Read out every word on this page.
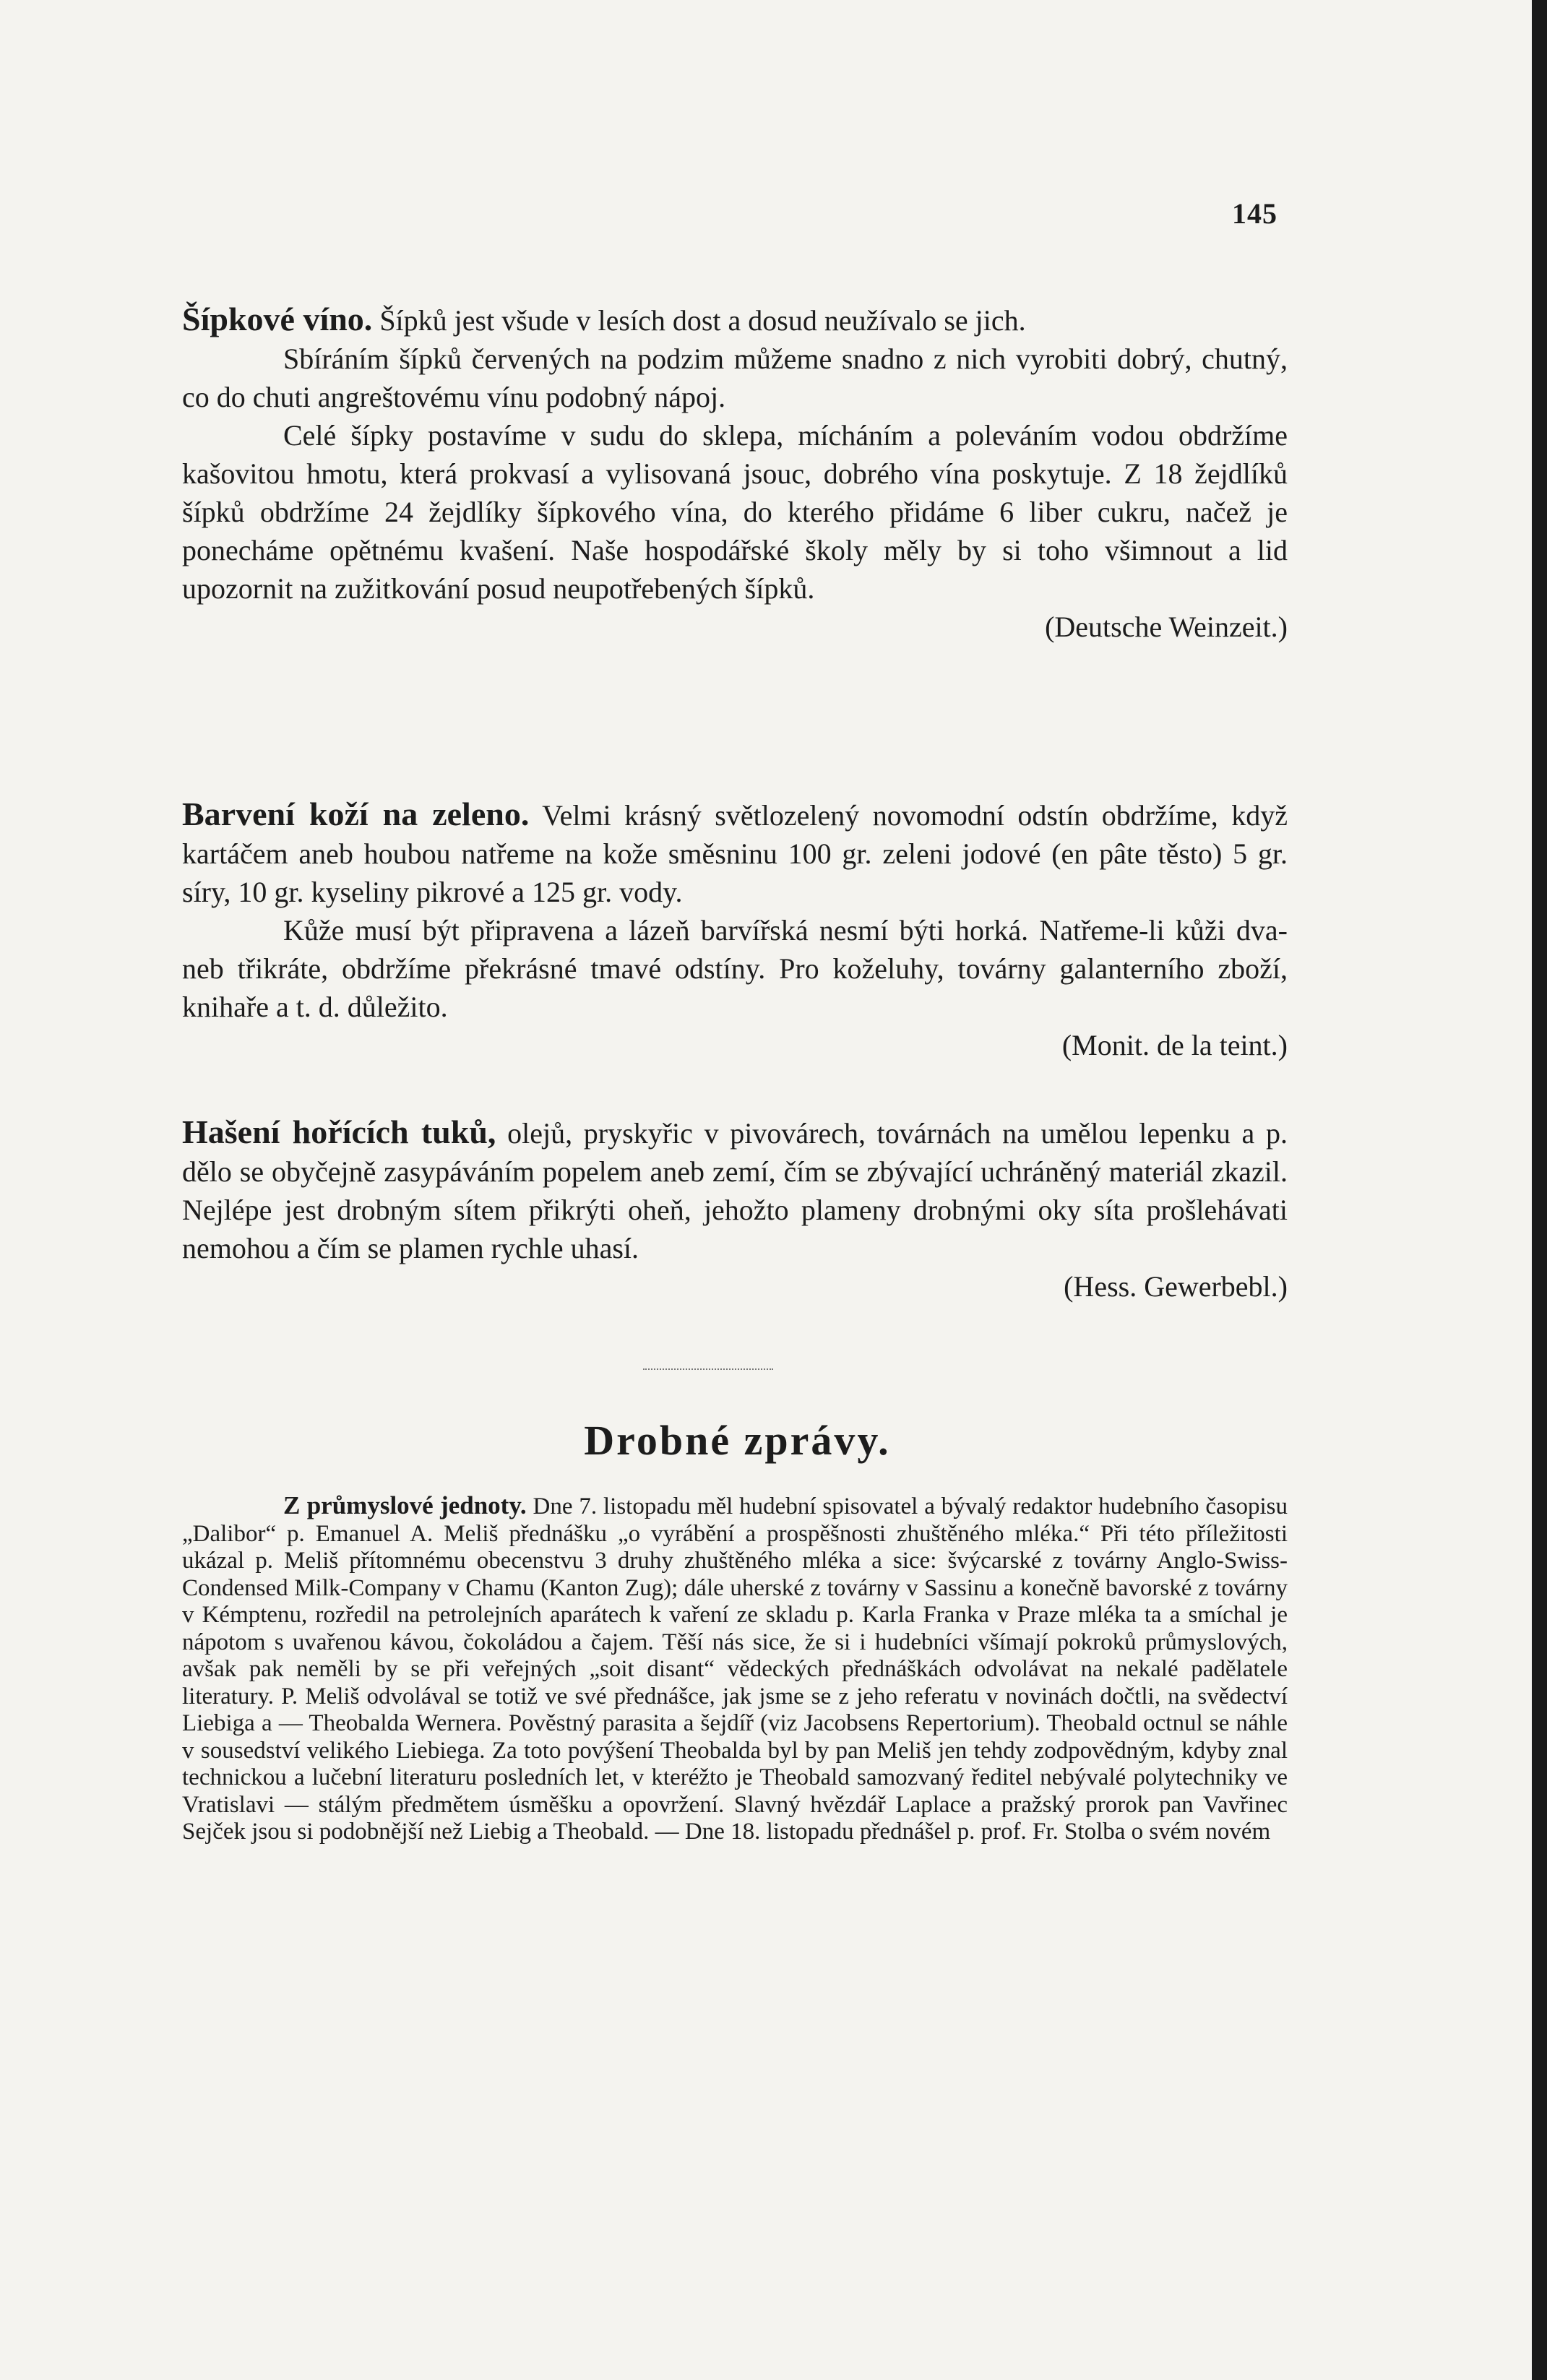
145

Šípkové víno. Šípků jest všude v lesích dost a dosud neužívalo se jich.

Sbíráním šípků červených na podzim můžeme snadno z nich vyrobiti dobrý, chutný, co do chuti angreštovému vínu podobný nápoj.

Celé šípky postavíme v sudu do sklepa, mícháním a poleváním vodou obdržíme kašovitou hmotu, která prokvasí a vylisovaná jsouc, dobrého vína poskytuje. Z 18 žejdlíků šípků obdržíme 24 žejdlíky šípkového vína, do kterého přidáme 6 liber cukru, načež je ponecháme opětnému kvašení. Naše hospodářské školy měly by si toho všimnout a lid upozornit na zužitkování posud neupotřebených šípků.

(Deutsche Weinzeit.)

Barvení koží na zeleno. Velmi krásný světlozelený novomodní odstín obdržíme, když kartáčem aneb houbou natřeme na kože směsninu 100 gr. zeleni jodové (en pâte těsto) 5 gr. síry, 10 gr. kyseliny pikrové a 125 gr. vody.

Kůže musí být připravena a lázeň barvířská nesmí býti horká. Natřeme-li kůži dva- neb třikráte, obdržíme překrásné tmavé odstíny. Pro koželuhy, továrny galanterního zboží, knihaře a t. d. důležito.

(Monit. de la teint.)

Hašení hořících tuků, olejů, pryskyřic v pivovárech, továrnách na umělou lepenku a p. dělo se obyčejně zasypáváním popelem aneb zemí, čím se zbývající uchráněný materiál zkazil. Nejlépe jest drobným sítem přikrýti oheň, jehožto plameny drobnými oky síta prošlehávati nemohou a čím se plamen rychle uhasí.

(Hess. Gewerbebl.)

Drobné zprávy.

Z průmyslové jednoty. Dne 7. listopadu měl hudební spisovatel a bývalý redaktor hudebního časopisu „Dalibor“ p. Emanuel A. Meliš přednášku „o vyrábění a prospěšnosti zhuštěného mléka.“ Při této příležitosti ukázal p. Meliš přítomnému obecenstvu 3 druhy zhuštěného mléka a sice: švýcarské z továrny Anglo-Swiss-Condensed Milk-Company v Chamu (Kanton Zug); dále uherské z továrny v Sassinu a konečně bavorské z továrny v Kémptenu, rozředil na petrolejních aparátech k vaření ze skladu p. Karla Franka v Praze mléka ta a smíchal je nápotom s uvařenou kávou, čokoládou a čajem. Těší nás sice, že si i hudebníci všímají pokroků průmyslových, avšak pak neměli by se při veřejných „soit disant“ vědeckých přednáškách odvolávat na nekalé padělatele literatury. P. Meliš odvolával se totiž ve své přednášce, jak jsme se z jeho referatu v novinách dočtli, na svědectví Liebiga a — Theobalda Wernera. Pověstný parasita a šejdíř (viz Jacobsens Repertorium). Theobald octnul se náhle v sousedství velikého Liebiega. Za toto povýšení Theobalda byl by pan Meliš jen tehdy zodpovědným, kdyby znal technickou a lučební literaturu posledních let, v kteréžto je Theobald samozvaný ředitel nebývalé polytechniky ve Vratislavi — stálým předmětem úsměšku a opovržení. Slavný hvězdář Laplace a pražský prorok pan Vavřinec Sejček jsou si podobnější než Liebig a Theobald. — Dne 18. listopadu přednášel p. prof. Fr. Stolba o svém novém
